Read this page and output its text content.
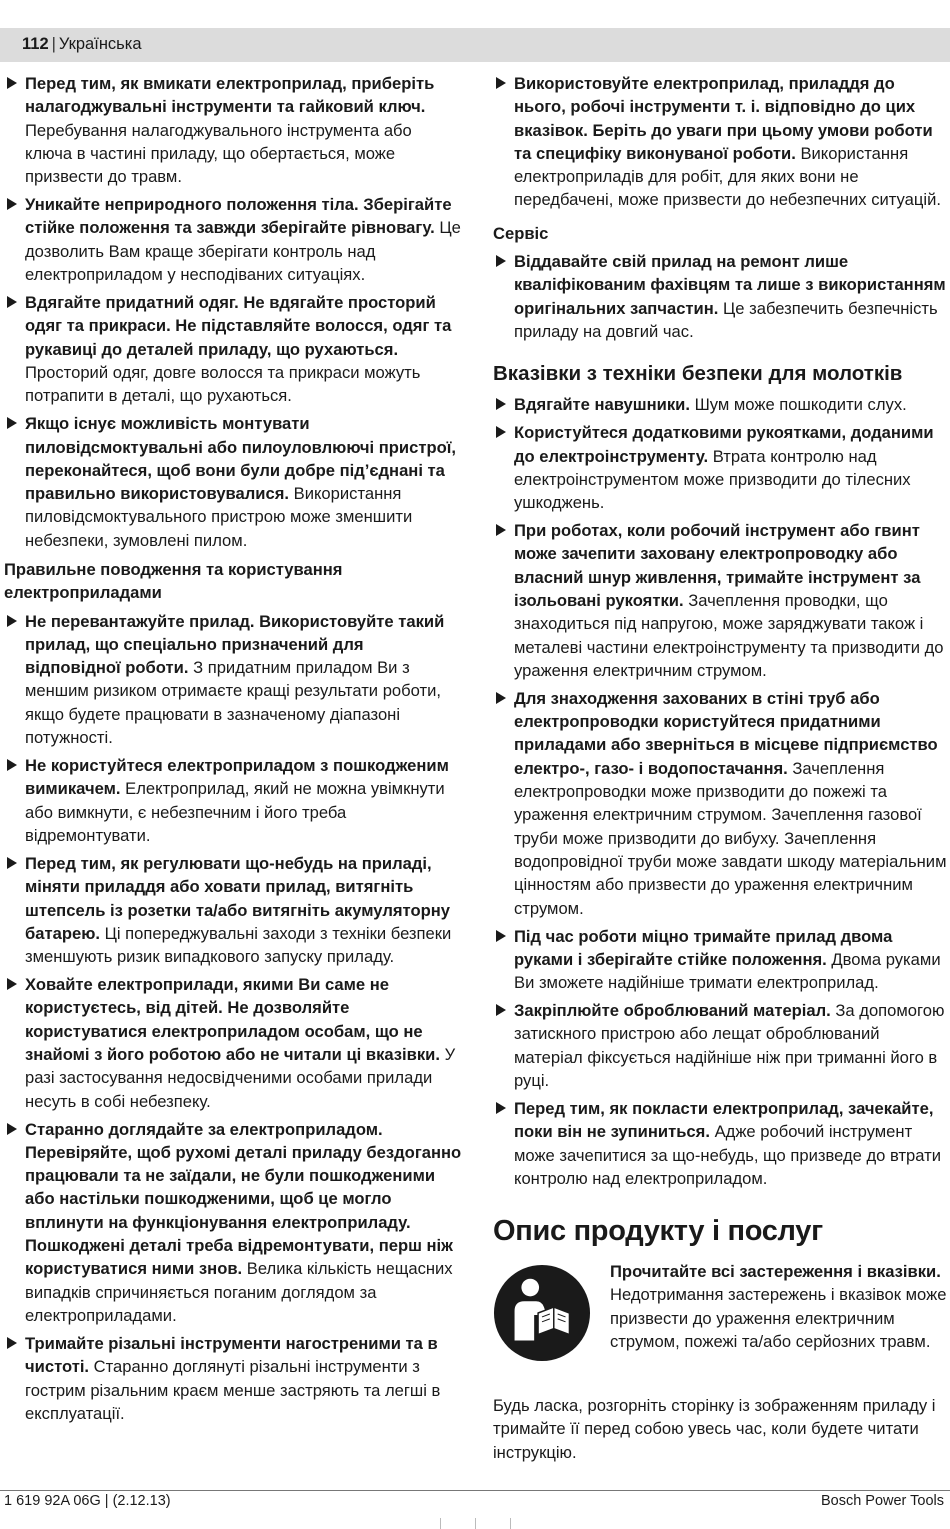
112 | Українська
Перед тим, як вмикати електроприлад, приберіть налагоджувальні інструменти та гайковий ключ. Перебування налагоджувального інструмента або ключа в частині приладу, що обертається, може призвести до травм.
Уникайте неприродного положення тіла. Зберігайте стійке положення та завжди зберігайте рівновагу. Це дозволить Вам краще зберігати контроль над електроприладом у несподіваних ситуаціях.
Вдягайте придатний одяг. Не вдягайте просторий одяг та прикраси. Не підставляйте волосся, одяг та рукавиці до деталей приладу, що рухаються. Просторий одяг, довге волосся та прикраси можуть потрапити в деталі, що рухаються.
Якщо існує можливість монтувати пиловідсмоктувальні або пилоуловлюючі пристрої, переконайтеся, щоб вони були добре під’єднані та правильно використовувалися. Використання пиловідсмоктувального пристрою може зменшити небезпеки, зумовлені пилом.
Правильне поводження та користування електроприладами
Не перевантажуйте прилад. Використовуйте такий прилад, що спеціально призначений для відповідної роботи. З придатним приладом Ви з меншим ризиком отримаєте кращі результати роботи, якщо будете працювати в зазначеному діапазоні потужності.
Не користуйтеся електроприладом з пошкодженим вимикачем. Електроприлад, який не можна увімкнути або вимкнути, є небезпечним і його треба відремонтувати.
Перед тим, як регулювати що-небудь на приладі, міняти приладдя або ховати прилад, витягніть штепсель із розетки та/або витягніть акумуляторну батарею. Ці попереджувальні заходи з техніки безпеки зменшують ризик випадкового запуску приладу.
Ховайте електроприлади, якими Ви саме не користуєтесь, від дітей. Не дозволяйте користуватися електроприладом особам, що не знайомі з його роботою або не читали ці вказівки. У разі застосування недосвідченими особами прилади несуть в собі небезпеку.
Старанно доглядайте за електроприладом. Перевіряйте, щоб рухомі деталі приладу бездоганно працювали та не заїдали, не були пошкодженими або настільки пошкодженими, щоб це могло вплинути на функціонування електроприладу. Пошкоджені деталі треба відремонтувати, перш ніж користуватися ними знов. Велика кількість нещасних випадків спричиняється поганим доглядом за електроприладами.
Тримайте різальні інструменти нагостреними та в чистоті. Старанно доглянуті різальні інструменти з гострим різальним краєм менше застряють та легші в експлуатації.
Використовуйте електроприлад, приладдя до нього, робочі інструменти т. і. відповідно до цих вказівок. Беріть до уваги при цьому умови роботи та специфіку виконуваної роботи. Використання електроприладів для робіт, для яких вони не передбачені, може призвести до небезпечних ситуацій.
Сервіс
Віддавайте свій прилад на ремонт лише кваліфікованим фахівцям та лише з використанням оригінальних запчастин. Це забезпечить безпечність приладу на довгий час.
Вказівки з техніки безпеки для молотків
Вдягайте навушники. Шум може пошкодити слух.
Користуйтеся додатковими рукоятками, доданими до електроінструменту. Втрата контролю над електроінструментом може призводити до тілесних ушкоджень.
При роботах, коли робочий інструмент або гвинт може зачепити заховану електропроводку або власний шнур живлення, тримайте інструмент за ізольовані рукоятки. Зачеплення проводки, що знаходиться під напругою, може заряджувати також і металеві частини електроінструменту та призводити до ураження електричним струмом.
Для знаходження захованих в стіні труб або електропроводки користуйтеся придатними приладами або зверніться в місцеве підприємство електро-, газо- і водопостачання. Зачеплення електропроводки може призводити до пожежі та ураження електричним струмом. Зачеплення газової труби може призводити до вибуху. Зачеплення водопровідної труби може завдати шкоду матеріальним цінностям або призвести до ураження електричним струмом.
Під час роботи міцно тримайте прилад двома руками і зберігайте стійке положення. Двома руками Ви зможете надійніше тримати електроприлад.
Закріплюйте оброблюваний матеріал. За допомогою затискного пристрою або лещат оброблюваний матеріал фіксується надійніше ніж при триманні його в руці.
Перед тим, як покласти електроприлад, зачекайте, поки він не зупиниться. Адже робочий інструмент може зачепитися за що-небудь, що призведе до втрати контролю над електроприладом.
Опис продукту і послуг
Прочитайте всі застереження і вказівки. Недотримання застережень і вказівок може призвести до ураження електричним струмом, пожежі та/або серйозних травм.
Будь ласка, розгорніть сторінку із зображенням приладу і тримайте її перед собою увесь час, коли будете читати інструкцію.
1 619 92A 06G | (2.12.13)	Bosch Power Tools
